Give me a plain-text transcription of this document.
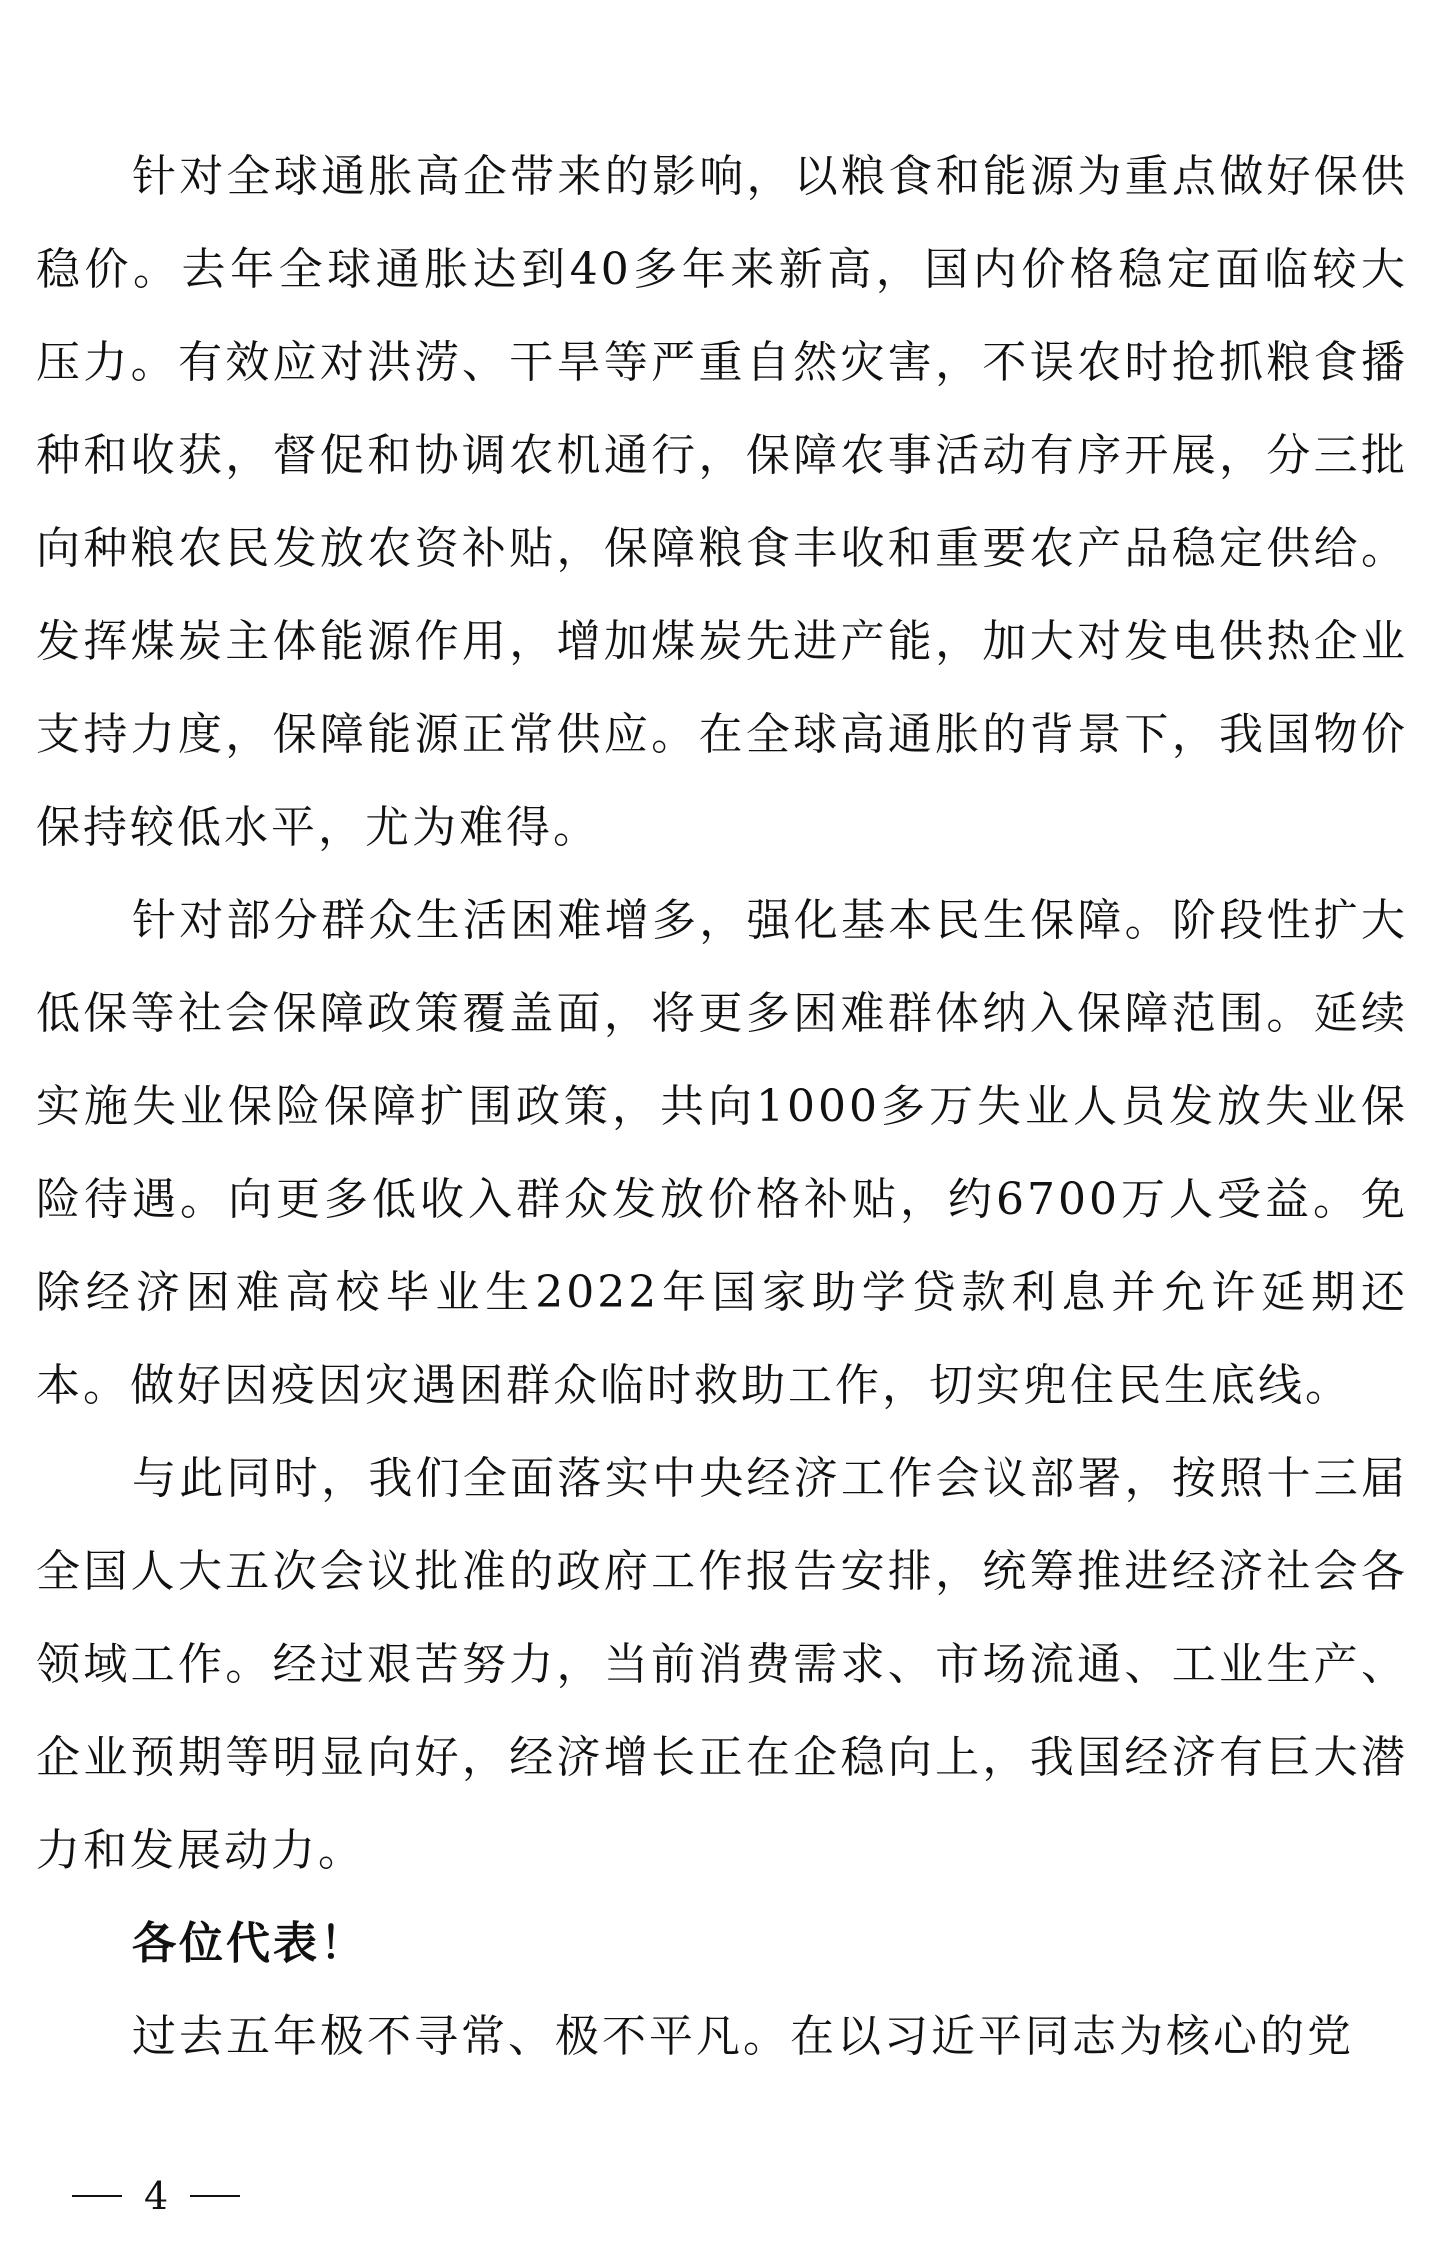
针对全球通胀高企带来的影响，以粮食和能源为重点做好保供稳价。去年全球通胀达到40多年来新高，国内价格稳定面临较大压力。有效应对洪涝、干旱等严重自然灾害，不误农时抢抓粮食播种和收获，督促和协调农机通行，保障农事活动有序开展，分三批向种粮农民发放农资补贴，保障粮食丰收和重要农产品稳定供给。发挥煤炭主体能源作用，增加煤炭先进产能，加大对发电供热企业支持力度，保障能源正常供应。在全球高通胀的背景下，我国物价保持较低水平，尤为难得。

针对部分群众生活困难增多，强化基本民生保障。阶段性扩大低保等社会保障政策覆盖面，将更多困难群体纳入保障范围。延续实施失业保险保障扩围政策，共向1000多万失业人员发放失业保险待遇。向更多低收入群众发放价格补贴，约6700万人受益。免除经济困难高校毕业生2022年国家助学贷款利息并允许延期还本。做好因疫因灾遇困群众临时救助工作，切实兜住民生底线。

与此同时，我们全面落实中央经济工作会议部署，按照十三届全国人大五次会议批准的政府工作报告安排，统筹推进经济社会各领域工作。经过艰苦努力，当前消费需求、市场流通、工业生产、企业预期等明显向好，经济增长正在企稳向上，我国经济有巨大潜力和发展动力。

各位代表！

过去五年极不寻常、极不平凡。在以习近平同志为核心的党

4
